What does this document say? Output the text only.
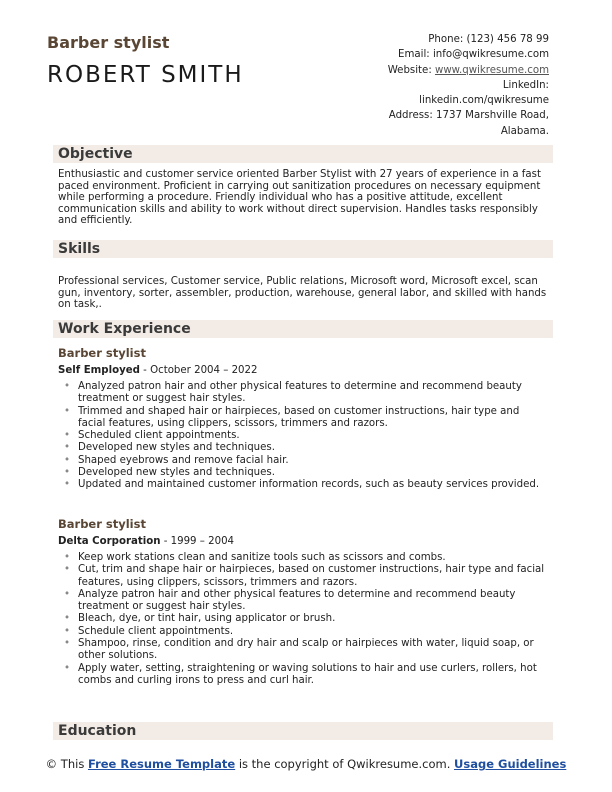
Barber stylist
ROBERT SMITH
Phone: (123) 456 78 99
Email: info@qwikresume.com
Website: www.qwikresume.com
LinkedIn:
linkedin.com/qwikresume
Address: 1737 Marshville Road,
Alabama.
Objective
Enthusiastic and customer service oriented Barber Stylist with 27 years of experience in a fast paced environment. Proficient in carrying out sanitization procedures on necessary equipment while performing a procedure. Friendly individual who has a positive attitude, excellent communication skills and ability to work without direct supervision. Handles tasks responsibly and efficiently.
Skills
Professional services, Customer service, Public relations, Microsoft word, Microsoft excel, scan gun, inventory, sorter, assembler, production, warehouse, general labor, and skilled with hands on task,.
Work Experience
Barber stylist
Self Employed - October 2004 – 2022
• Analyzed patron hair and other physical features to determine and recommend beauty treatment or suggest hair styles.
• Trimmed and shaped hair or hairpieces, based on customer instructions, hair type and facial features, using clippers, scissors, trimmers and razors.
• Scheduled client appointments.
• Developed new styles and techniques.
• Shaped eyebrows and remove facial hair.
• Developed new styles and techniques.
• Updated and maintained customer information records, such as beauty services provided.
Barber stylist
Delta Corporation - 1999 – 2004
• Keep work stations clean and sanitize tools such as scissors and combs.
• Cut, trim and shape hair or hairpieces, based on customer instructions, hair type and facial features, using clippers, scissors, trimmers and razors.
• Analyze patron hair and other physical features to determine and recommend beauty treatment or suggest hair styles.
• Bleach, dye, or tint hair, using applicator or brush.
• Schedule client appointments.
• Shampoo, rinse, condition and dry hair and scalp or hairpieces with water, liquid soap, or other solutions.
• Apply water, setting, straightening or waving solutions to hair and use curlers, rollers, hot combs and curling irons to press and curl hair.
Education
© This Free Resume Template is the copyright of Qwikresume.com. Usage Guidelines
